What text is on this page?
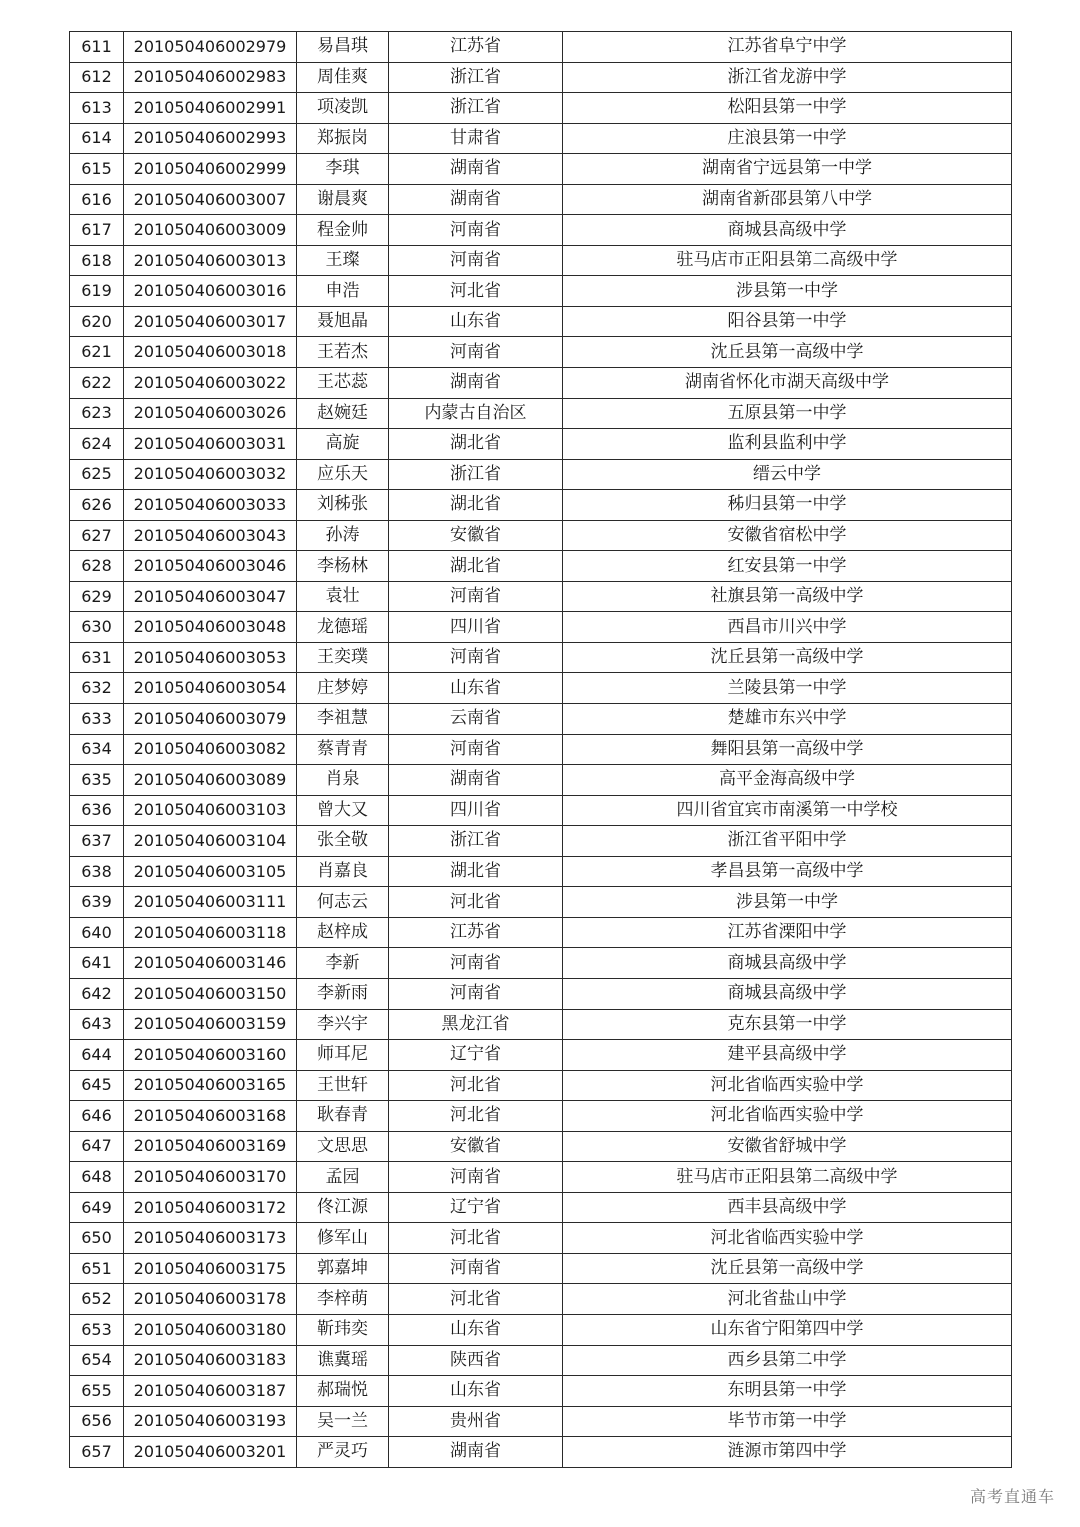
611	201050406002979	易昌琪	江苏省	江苏省阜宁中学
612	201050406002983	周佳爽	浙江省	浙江省龙游中学
613	201050406002991	项凌凯	浙江省	松阳县第一中学
614	201050406002993	郑振岗	甘肃省	庄浪县第一中学
615	201050406002999	李琪	湖南省	湖南省宁远县第一中学
616	201050406003007	谢晨爽	湖南省	湖南省新邵县第八中学
617	201050406003009	程金帅	河南省	商城县高级中学
618	201050406003013	王璨	河南省	驻马店市正阳县第二高级中学
619	201050406003016	申浩	河北省	涉县第一中学
620	201050406003017	聂旭晶	山东省	阳谷县第一中学
621	201050406003018	王若杰	河南省	沈丘县第一高级中学
622	201050406003022	王芯蕊	湖南省	湖南省怀化市湖天高级中学
623	201050406003026	赵婉廷	内蒙古自治区	五原县第一中学
624	201050406003031	高旋	湖北省	监利县监利中学
625	201050406003032	应乐天	浙江省	缙云中学
626	201050406003033	刘秭张	湖北省	秭归县第一中学
627	201050406003043	孙涛	安徽省	安徽省宿松中学
628	201050406003046	李杨林	湖北省	红安县第一中学
629	201050406003047	袁壮	河南省	社旗县第一高级中学
630	201050406003048	龙德瑶	四川省	西昌市川兴中学
631	201050406003053	王奕璞	河南省	沈丘县第一高级中学
632	201050406003054	庄梦婷	山东省	兰陵县第一中学
633	201050406003079	李祖慧	云南省	楚雄市东兴中学
634	201050406003082	蔡青青	河南省	舞阳县第一高级中学
635	201050406003089	肖泉	湖南省	高平金海高级中学
636	201050406003103	曾大又	四川省	四川省宜宾市南溪第一中学校
637	201050406003104	张全敬	浙江省	浙江省平阳中学
638	201050406003105	肖嘉良	湖北省	孝昌县第一高级中学
639	201050406003111	何志云	河北省	涉县第一中学
640	201050406003118	赵梓成	江苏省	江苏省溧阳中学
641	201050406003146	李新	河南省	商城县高级中学
642	201050406003150	李新雨	河南省	商城县高级中学
643	201050406003159	李兴宇	黑龙江省	克东县第一中学
644	201050406003160	师耳尼	辽宁省	建平县高级中学
645	201050406003165	王世轩	河北省	河北省临西实验中学
646	201050406003168	耿春青	河北省	河北省临西实验中学
647	201050406003169	文思思	安徽省	安徽省舒城中学
648	201050406003170	孟园	河南省	驻马店市正阳县第二高级中学
649	201050406003172	佟江源	辽宁省	西丰县高级中学
650	201050406003173	修军山	河北省	河北省临西实验中学
651	201050406003175	郭嘉坤	河南省	沈丘县第一高级中学
652	201050406003178	李梓萌	河北省	河北省盐山中学
653	201050406003180	靳玮奕	山东省	山东省宁阳第四中学
654	201050406003183	谯冀瑶	陕西省	西乡县第二中学
655	201050406003187	郝瑞悦	山东省	东明县第一中学
656	201050406003193	吴一兰	贵州省	毕节市第一中学
657	201050406003201	严灵巧	湖南省	涟源市第四中学
高考直通车
